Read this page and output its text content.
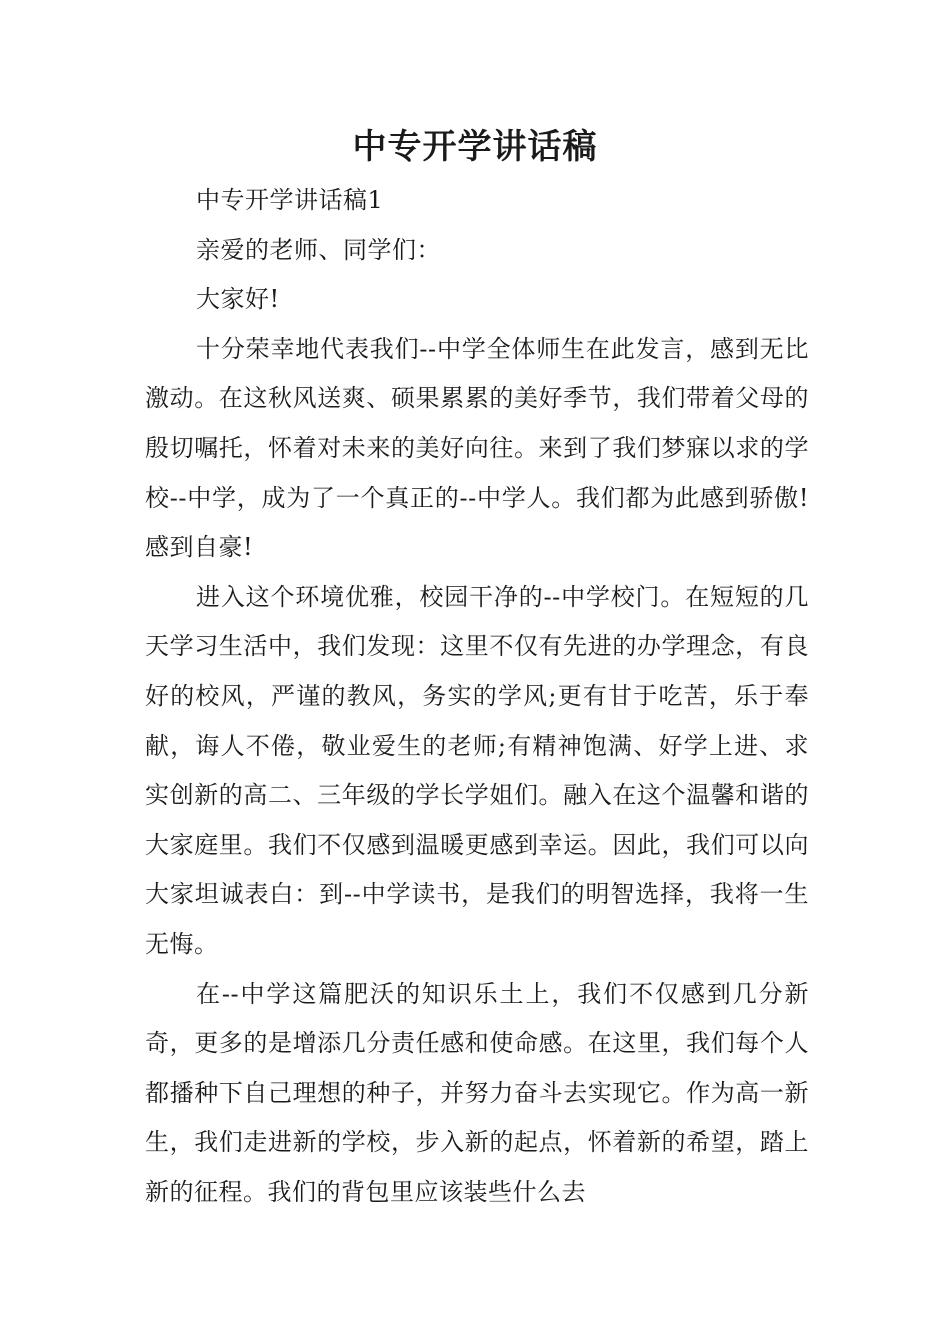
中专开学讲话稿

中专开学讲话稿1

亲爱的老师、同学们：

大家好!

十分荣幸地代表我们--中学全体师生在此发言，感到无比激动。在这秋风送爽、硕果累累的美好季节，我们带着父母的殷切嘱托，怀着对未来的美好向往。来到了我们梦寐以求的学校--中学，成为了一个真正的--中学人。我们都为此感到骄傲!感到自豪!

进入这个环境优雅，校园干净的--中学校门。在短短的几天学习生活中，我们发现：这里不仅有先进的办学理念，有良好的校风，严谨的教风，务实的学风;更有甘于吃苦，乐于奉献，诲人不倦，敬业爱生的老师;有精神饱满、好学上进、求实创新的高二、三年级的学长学姐们。融入在这个温馨和谐的大家庭里。我们不仅感到温暖更感到幸运。因此，我们可以向大家坦诚表白：到--中学读书，是我们的明智选择，我将一生无悔。

在--中学这篇肥沃的知识乐土上，我们不仅感到几分新奇，更多的是增添几分责任感和使命感。在这里，我们每个人都播种下自己理想的种子，并努力奋斗去实现它。作为高一新生，我们走进新的学校，步入新的起点，怀着新的希望，踏上新的征程。我们的背包里应该装些什么去
